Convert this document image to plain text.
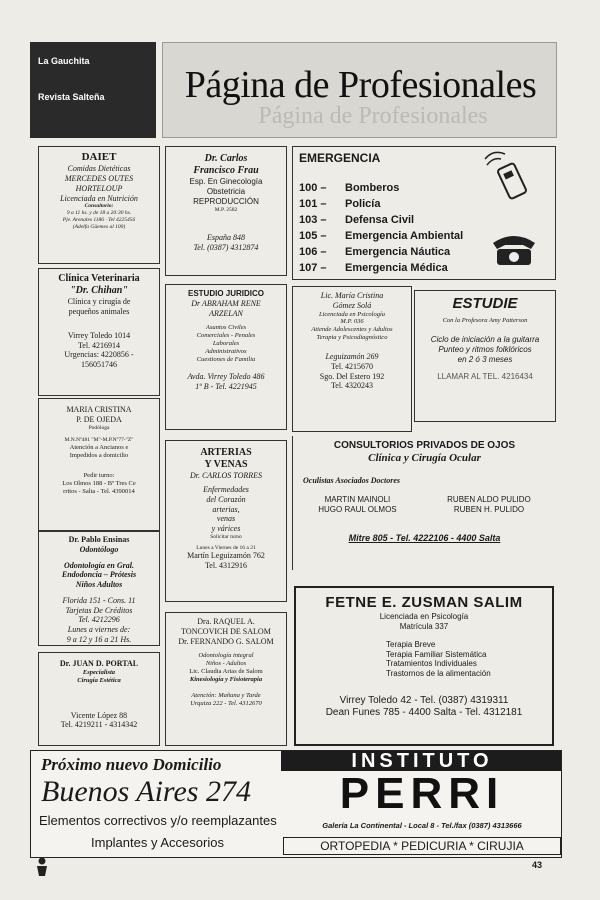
La Gauchita
Revista Salteña
Página de Profesionales
Página de Profesionales
DAIET
Comidas Dietéticas
MERCEDES OUTES
HORTELOUP
Licenciada en Nutrición
Consultorio:
9 a 11 hs. y de 18 a 20:30 hs.
Pje. Arenales 1186 · Tel 4225456
(Adelfa Güemes al 100)
Dr. Carlos
Francisco Frau
Esp. En Ginecología
Obstetricia
REPRODUCCIÓN
M.P. 2582
España 848
Tel. (0387) 4312874
EMERGENCIA
100 –	Bomberos
101 –	Policía
103 –	Defensa Civil
105 –	Emergencia Ambiental
106 –	Emergencia Náutica
107 –	Emergencia Médica
Clínica Veterinaria
"Dr. Chihan"
Clínica y cirugía de
pequeños animales
Virrey Toledo 1014
Tel. 4216914
Urgencias: 4220856 -
156051746
ESTUDIO JURIDICO
Dr ABRAHAM RENE
ARZELAN
Asuntos Civiles
Comerciales - Penales
Laborales
Administrativos
Cuestiones de Familia
Avda. Virrey Toledo 486
1º B - Tel. 4221945
Lic. María Cristina
Gómez Solá
Licenciada en Psicología
M.P. 036
Atiende Adolescentes y Adultos
Terapia y Psicodiagnóstico
Leguizamón 269
Tel. 4215670
Sgo. Del Estero 192
Tel. 4320243
ESTUDIE
Con la Profesora Amy Patterson
Ciclo de iniciación a la guitarra
Punteo y ritmos folklóricos
en 2 ó 3 meses
LLAMAR AL TEL. 4216434
MARIA CRISTINA
P. DE OJEDA
Podóloga
M.N.Nº481 "M"-M.P.Nº77-"Z"
Atención a Ancianos e
Impedidos a domicilio
Pedir turno:
Los Olmos 188 - Bº Tres Ce
rritos - Salta - Tel. 4390014
ARTERIAS
Y VENAS
Dr. CARLOS TORRES
Enfermedades
del Corazón
arterias,
venas
y várices
Solicitar turno
Lunes a Viernes de 16 a 21
Martín Leguizamón 762
Tel. 4312916
CONSULTORIOS PRIVADOS DE OJOS
Clínica y Cirugía Ocular
Oculistas Asociados Doctores
MARTIN MAINOLI
HUGO RAUL OLMOS
RUBEN ALDO PULIDO
RUBEN H. PULIDO
Mitre 805 - Tel. 4222106 - 4400 Salta
Dr. Pablo Ensinas
Odontólogo
Odontología en Gral.
Endodoncia – Prótesis
Niños Adultos
Florida 151 - Cons. 11
Tarjetas De Créditos
Tel. 4212296
Lunes a viernes de:
9 a 12 y 16 a 21 Hs.
Dra. RAQUEL A.
TONCOVICH DE SALOM
Dr. FERNANDO G. SALOM
Odontología integral
Niños - Adultos
Lic. Claudia Arias de Salom
Kinesiología y Fisioterapia
Atención: Mañana y Tarde
Urquiza 222 - Tel. 4312670
FETNE E. ZUSMAN SALIM
Licenciada en Psicología
Matrícula 337
Terapia Breve
Terapia Familiar Sistemática
Tratamientos Individuales
Trastornos de la alimentación
Virrey Toledo 42 - Tel. (0387) 4319311
Dean Funes 785 - 4400 Salta - Tel. 4312181
Dr. JUAN D. PORTAL
Especialista
Cirugía Estética
Vicente López 88
Tel. 4219211 - 4314342
Próximo nuevo Domicilio
Buenos Aires 274
Elementos correctivos y/o reemplazantes
Implantes y Accesorios
INSTITUTO
PERRI
Galería La Continental - Local 8 - Tel./fax (0387) 4313666
ORTOPEDIA * PEDICURIA * CIRUJIA
43
